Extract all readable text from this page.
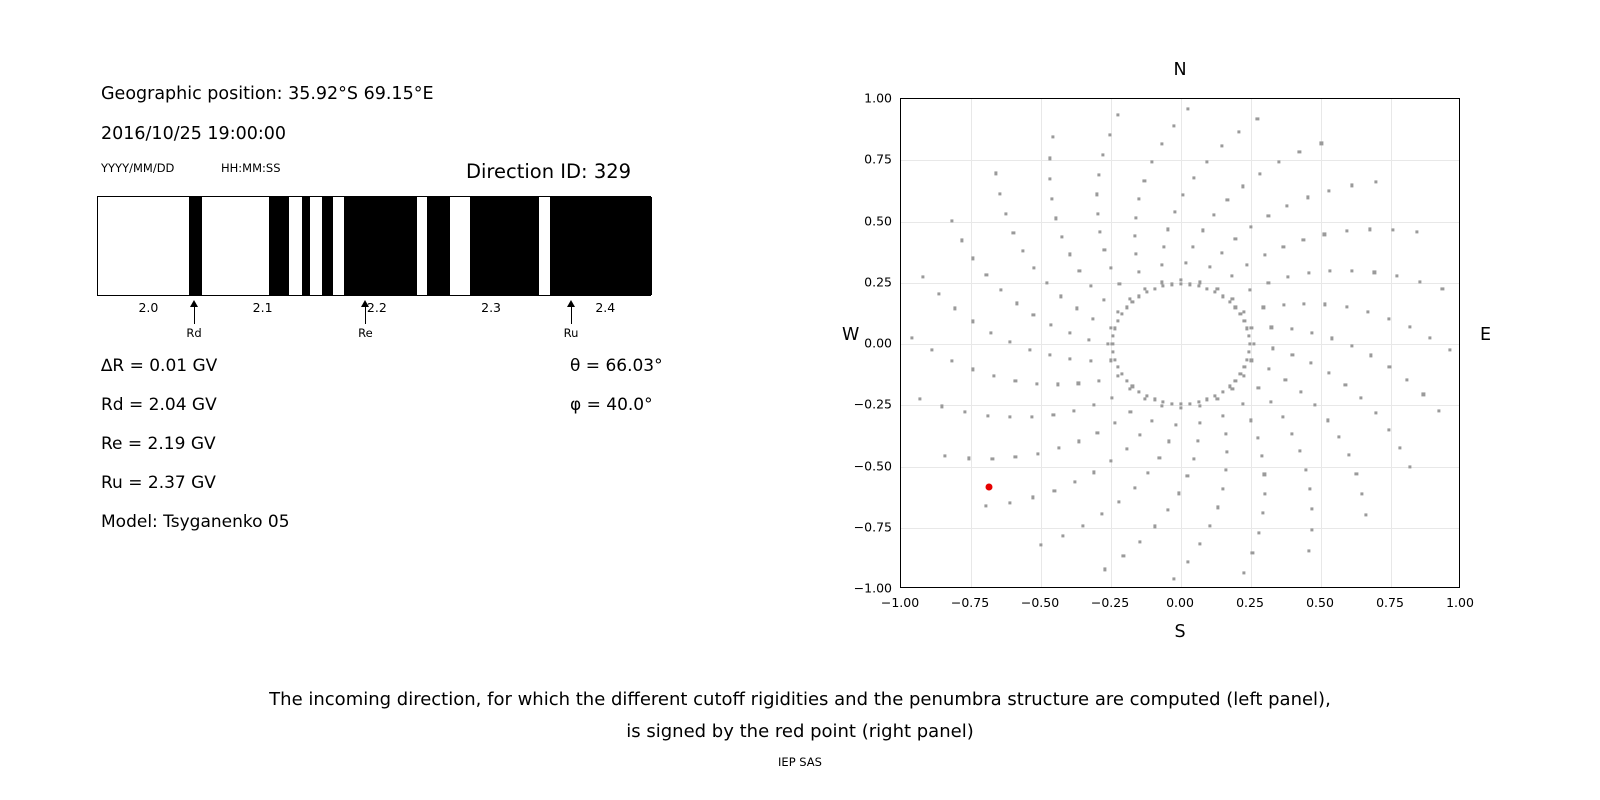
Geographic position: 35.92°S 69.15°E
2016/10/25 19:00:00
YYYY/MM/DD	HH:MM:SS	Direction ID: 329
2.0	2.1	2.2	2.3	2.4
Rd	Re	Ru
∆R = 0.01 GV
Rd = 2.04 GV
Re = 2.19 GV
Ru = 2.37 GV
Model: Tsyganenko 05
θ = 66.03°
φ = 40.0°
N
S
W	E
−1.00	−0.75	−0.50	−0.25	0.00	0.25	0.50	0.75	1.00
−1.00
−0.75
−0.50
−0.25
0.00
0.25
0.50
0.75
1.00
The incoming direction, for which the different cutoff rigidities and the penumbra structure are computed (left panel),
is signed by the red point (right panel)
IEP SAS
